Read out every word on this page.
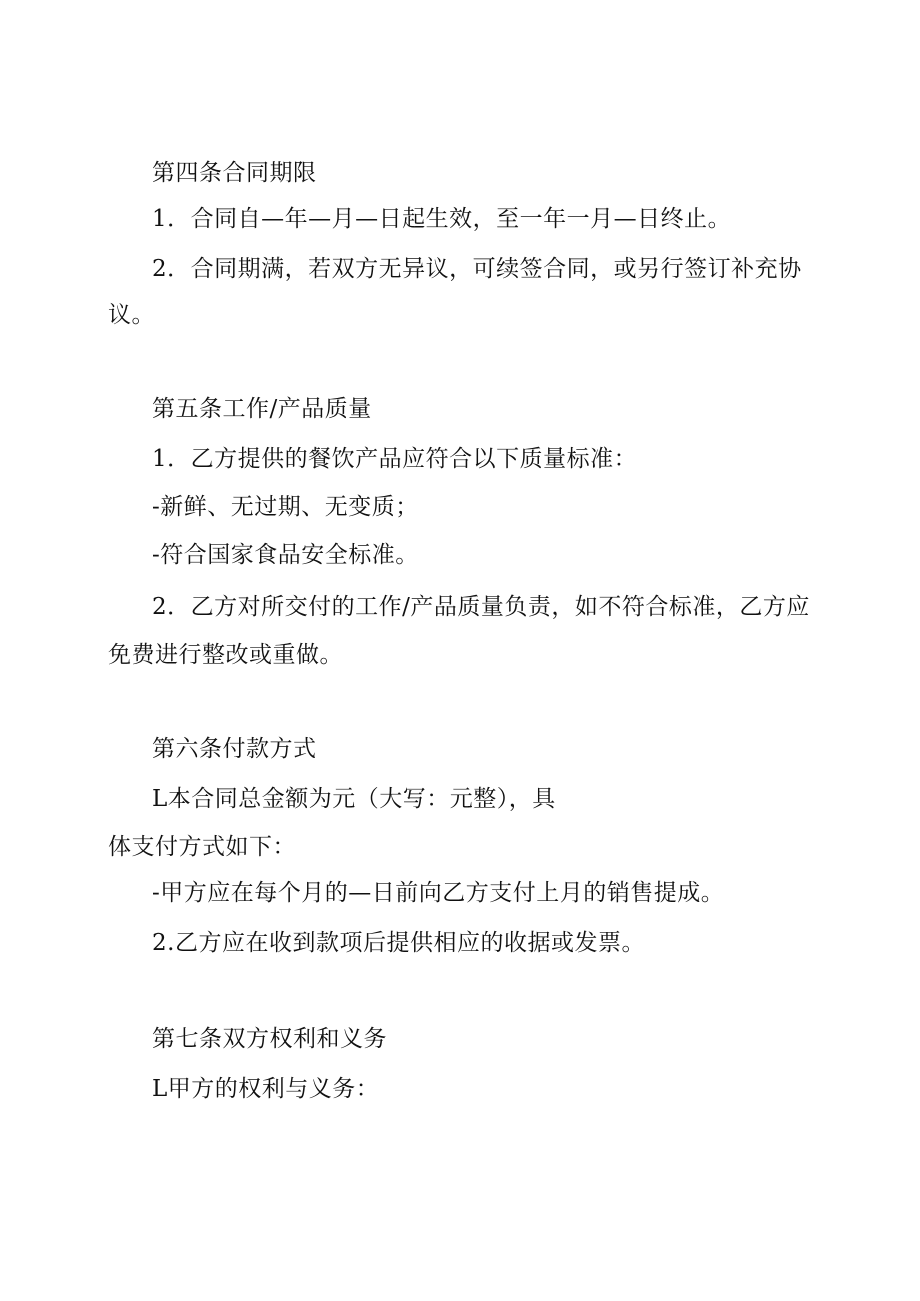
第四条合同期限
1．合同自—年—月—日起生效，至一年一月—日终止。
2．合同期满，若双方无异议，可续签合同，或另行签订补充协
议。
第五条工作/产品质量
1．乙方提供的餐饮产品应符合以下质量标准：
-新鲜、无过期、无变质；
-符合国家食品安全标准。
2．乙方对所交付的工作/产品质量负责，如不符合标准，乙方应
免费进行整改或重做。
第六条付款方式
L本合同总金额为元（大写：元整），具
体支付方式如下：
-甲方应在每个月的—日前向乙方支付上月的销售提成。
2.乙方应在收到款项后提供相应的收据或发票。
第七条双方权利和义务
L甲方的权利与义务：
